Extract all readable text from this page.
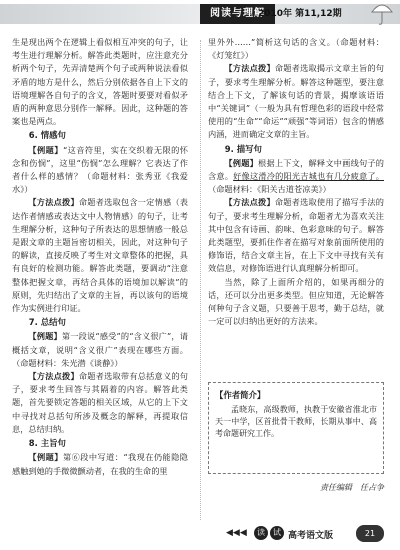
阅读与理解
2010年 第11,12期

生是现出两个在逻辑上看似相互冲突的句子，让考生进行理解分析。解答此类题时，应注意充分析两个句子，先弄清楚两个句子或两种说法看似矛盾的地方是什么，然后分别依据各自上下文的语境理解各自句子的含义，答题时要要对看似矛盾的两种意思分别作一解释。因此，这种题的答案也是两点。

6. 情感句

【例题】“这音符里，实在交织着无限的怀念和伤悯”，这里“伤悯”怎么理解？它表达了作者什么样的感情？（命题材料：张秀亚《我爱水》）

【方法点拨】命题者选取包含一定情感（表达作者情感或表达文中人物情感）的句子，让考生理解分析，这种句子所表达的思想情感一般总是跟文章的主题旨密切相关，因此，对这种句子的解读，直接反映了考生对文章整体的把握，具有良好的检测功能。解答此类题，要调动“注意整体把握文章，再结合具体的语境加以解读”的原则，先归结出了文章的主旨，再以该句的语境作为实例进行印证。

7. 总结句

【例题】第一段说“感受”的“含义很广”，请概括文章，说明“含义很广”表现在哪些方面。（命题材料：朱光潜《谈静》）

【方法点拨】命题者选取带有总括意义的句子，要求考生回答与其隔着的内容。解答此类题，首先要锁定答题的相关区域，从它的上下文中寻找对总括句所涉及概念的解释，再提取信息，总结归纳。

8. 主旨句

【例题】第⑥段中写道：“我现在仍能隐隐感触到她的手微微颤动者，在我的生命的里

里外外……”简析这句话的含义。（命题材料：《灯笼红》）

【方法点拨】命题者选取揭示文章主旨的句子，要求考生理解分析。解答这种题型，要注意结合上下文，了解该句话的背景，揭摩该语语中“关键词”（一般为具有哲理色彩的语段中经常使用的“生命”“命运”“顽强”等词语）包含的情感内涵，进而确定文章的主旨。

9. 描写句

【例题】根据上下文，解释文中画线句子的含意。好像这滑冷的阳光吉城也有几分疲意了。（命题材料：《阳关古道苍凉美》）

【方法点拨】命题者选取使用了描写手法的句子，要求考生理解分析，命题者尤为喜欢关注其中包含有诗画、韵味、色彩意味的句子。解答此类题型，要抓住作者在描写对象前面所使用的修饰语，结合文章主旨，在上下文中寻找有关有效信息，对修饰语进行认真理解分析即可。

当然，除了上面所介绍的，如果再细分的话，还可以分出更多类型。但应知道，无论解答何种句子含义题，只要善于思考，勤于总结，就一定可以归纳出更好的方法来。

【作者简介】

孟晓东，高级教师，执教于安徽省淮北市天一中学，区首批骨干教师，长期从事中、高考命题研究工作。

责任编辑　任占争
◀◀◀	读	试 高考语文版	21
